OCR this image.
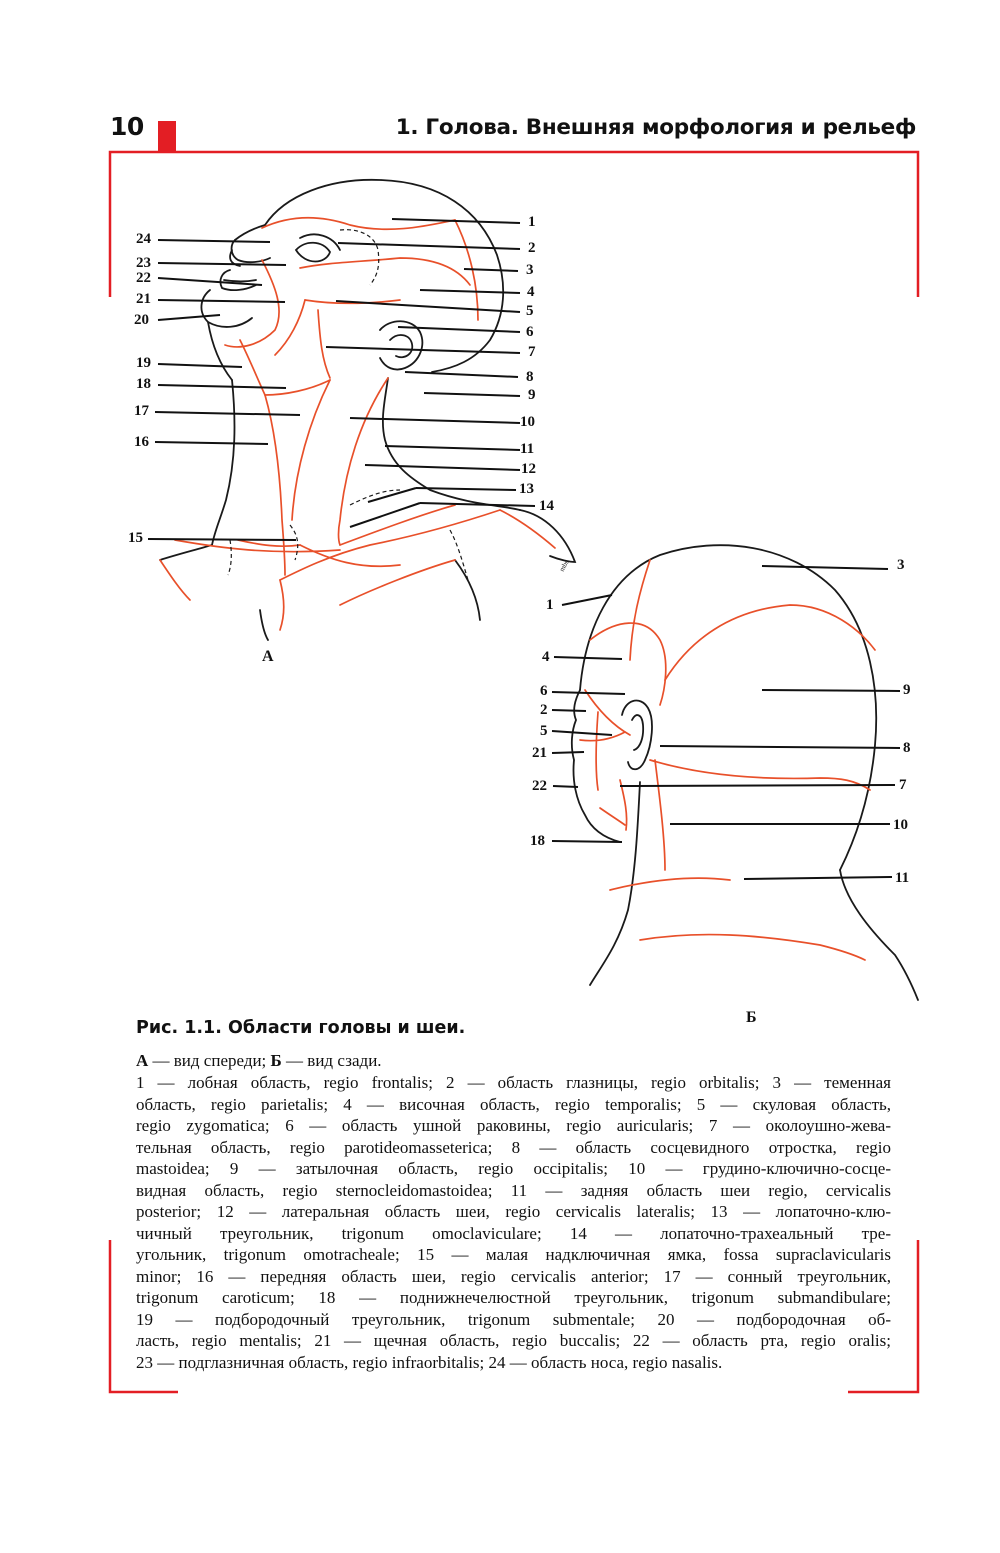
10	1. Голова. Внешняя морфология и рельеф
mbs
1
2
3
4
5
6
7
8
9
10
11
12
13
14
24
23
22
21
20
19
18
17
16
15
А
3
9
8
7
10
11
1
4
6
2
5
21
22
18
Б
Рис. 1.1. Области головы и шеи.
А — вид спереди; Б — вид сзади.
1 — лобная область, regio frontalis; 2 — область глазницы, regio orbitalis; 3 — теменная
область, regio parietalis; 4 — височная область, regio temporalis; 5 — скуловая область,
regio zygomatica; 6 — область ушной раковины, regio auricularis; 7 — околоушно-жева-
тельная область, regio parotideomasseterica; 8 — область сосцевидного отростка, regio
mastoidea; 9 — затылочная область, regio occipitalis; 10 — грудино-ключично-сосце-
видная область, regio sternocleidomastoidea; 11 — задняя область шеи regio, cervicalis
posterior; 12 — латеральная область шеи, regio cervicalis lateralis; 13 — лопаточно-клю-
чичный треугольник, trigonum omoclaviculare; 14 — лопаточно-трахеальный тре-
угольник, trigonum omotracheale; 15 — малая надключичная ямка, fossa supraclavicularis
minor; 16 — передняя область шеи, regio cervicalis anterior; 17 — сонный треугольник,
trigonum caroticum; 18 — поднижнечелюстной треугольник, trigonum submandibulare;
19 — подбородочный треугольник, trigonum submentale; 20 — подбородочная об-
ласть, regio mentalis; 21 — щечная область, regio buccalis; 22 — область рта, regio oralis;
23 — подглазничная область, regio infraorbitalis; 24 — область носа, regio nasalis.
